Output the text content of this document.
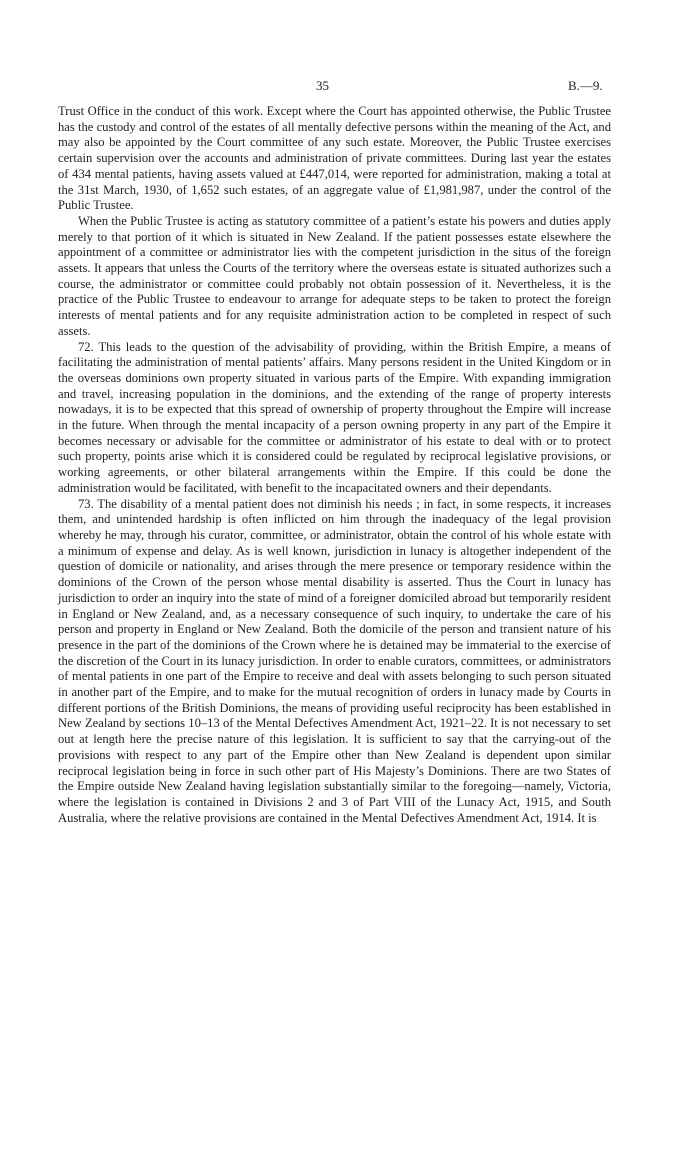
35	B.—9.

Trust Office in the conduct of this work. Except where the Court has appointed otherwise, the Public Trustee has the custody and control of the estates of all mentally defective persons within the meaning of the Act, and may also be appointed by the Court committee of any such estate. Moreover, the Public Trustee exercises certain supervision over the accounts and administration of private committees. During last year the estates of 434 mental patients, having assets valued at £447,014, were reported for administration, making a total at the 31st March, 1930, of 1,652 such estates, of an aggregate value of £1,981,987, under the control of the Public Trustee.

When the Public Trustee is acting as statutory committee of a patient’s estate his powers and duties apply merely to that portion of it which is situated in New Zealand. If the patient possesses estate elsewhere the appointment of a committee or administrator lies with the competent jurisdiction in the situs of the foreign assets. It appears that unless the Courts of the territory where the overseas estate is situated authorizes such a course, the administrator or committee could probably not obtain possession of it. Nevertheless, it is the practice of the Public Trustee to endeavour to arrange for adequate steps to be taken to protect the foreign interests of mental patients and for any requisite administration action to be completed in respect of such assets.

72. This leads to the question of the advisability of providing, within the British Empire, a means of facilitating the administration of mental patients’ affairs. Many persons resident in the United Kingdom or in the overseas dominions own property situated in various parts of the Empire. With expanding immigration and travel, increasing population in the dominions, and the extending of the range of property interests nowadays, it is to be expected that this spread of ownership of property throughout the Empire will increase in the future. When through the mental incapacity of a person owning property in any part of the Empire it becomes necessary or advisable for the committee or administrator of his estate to deal with or to protect such property, points arise which it is considered could be regulated by reciprocal legislative provisions, or working agreements, or other bilateral arrangements within the Empire. If this could be done the administration would be facilitated, with benefit to the incapacitated owners and their dependants.

73. The disability of a mental patient does not diminish his needs ; in fact, in some respects, it increases them, and unintended hardship is often inflicted on him through the inadequacy of the legal provision whereby he may, through his curator, committee, or administrator, obtain the control of his whole estate with a minimum of expense and delay. As is well known, jurisdiction in lunacy is altogether independent of the question of domicile or nationality, and arises through the mere presence or temporary residence within the dominions of the Crown of the person whose mental disability is asserted. Thus the Court in lunacy has jurisdiction to order an inquiry into the state of mind of a foreigner domiciled abroad but temporarily resident in England or New Zealand, and, as a necessary consequence of such inquiry, to undertake the care of his person and property in England or New Zealand. Both the domicile of the person and transient nature of his presence in the part of the dominions of the Crown where he is detained may be immaterial to the exercise of the discretion of the Court in its lunacy jurisdiction. In order to enable curators, committees, or administrators of mental patients in one part of the Empire to receive and deal with assets belonging to such person situated in another part of the Empire, and to make for the mutual recognition of orders in lunacy made by Courts in different portions of the British Dominions, the means of providing useful reciprocity has been established in New Zealand by sections 10–13 of the Mental Defectives Amendment Act, 1921–22. It is not necessary to set out at length here the precise nature of this legislation. It is sufficient to say that the carrying-out of the provisions with respect to any part of the Empire other than New Zealand is dependent upon similar reciprocal legislation being in force in such other part of His Majesty’s Dominions. There are two States of the Empire outside New Zealand having legislation substantially similar to the foregoing—namely, Victoria, where the legislation is contained in Divisions 2 and 3 of Part VIII of the Lunacy Act, 1915, and South Australia, where the relative provisions are contained in the Mental Defectives Amendment Act, 1914. It is
